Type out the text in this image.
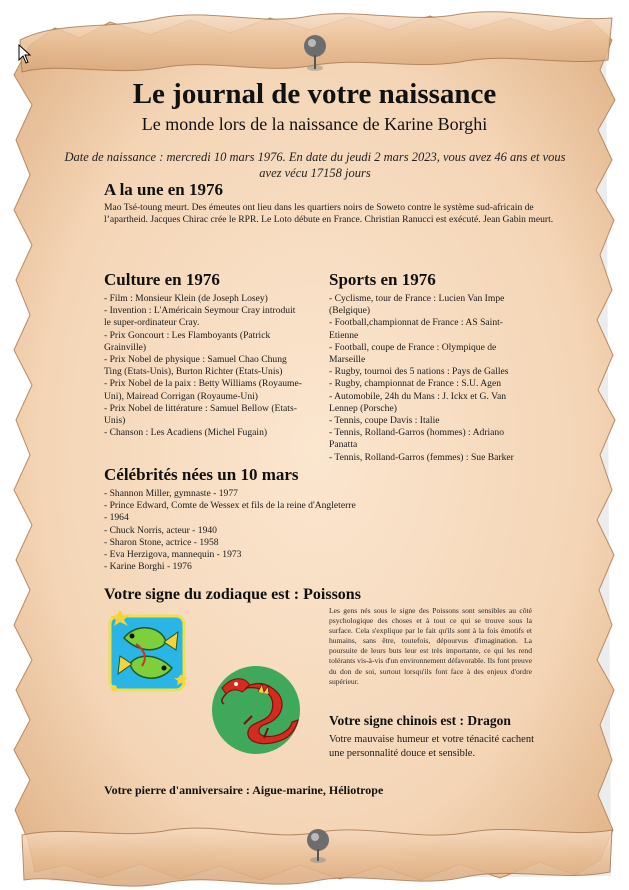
Le journal de votre naissance
Le monde lors de la naissance de Karine Borghi
Date de naissance : mercredi 10 mars 1976. En date du jeudi 2 mars 2023, vous avez 46 ans et vous avez vécu 17158 jours
A la une en 1976
Mao Tsé-toung meurt. Des émeutes ont lieu dans les quartiers noirs de Soweto contre le système sud-africain de l’apartheid. Jacques Chirac crée le RPR. Le Loto débute en France. Christian Ranucci est exécuté. Jean Gabin meurt.
Culture en 1976
- Film : Monsieur Klein (de Joseph Losey)
- Invention : L'Américain Seymour Cray introduit le super-ordinateur Cray.
- Prix Goncourt : Les Flamboyants (Patrick Grainville)
- Prix Nobel de physique : Samuel Chao Chung Ting (Etats-Unis), Burton Richter (Etats-Unis)
- Prix Nobel de la paix : Betty Williams (Royaume-Uni), Mairead Corrigan (Royaume-Uni)
- Prix Nobel de littérature : Samuel Bellow (Etats-Unis)
- Chanson : Les Acadiens (Michel Fugain)
Sports en 1976
- Cyclisme, tour de France : Lucien Van Impe (Belgique)
- Football,championnat de France : AS Saint-Etienne
- Football, coupe de France : Olympique de Marseille
- Rugby, tournoi des 5 nations : Pays de Galles
- Rugby, championnat de France : S.U. Agen
- Automobile, 24h du Mans : J. Ickx et G. Van Lennep (Porsche)
- Tennis, coupe Davis : Italie
- Tennis, Rolland-Garros (hommes) : Adriano Panatta
- Tennis, Rolland-Garros (femmes) : Sue Barker
Célébrités nées un 10 mars
- Shannon Miller, gymnaste - 1977
- Prince Edward, Comte de Wessex et fils de la reine d'Angleterre
- 1964
- Chuck Norris, acteur - 1940
- Sharon Stone, actrice - 1958
- Eva Herzigova, mannequin - 1973
- Karine Borghi - 1976
Votre signe du zodiaque est : Poissons
Les gens nés sous le signe des Poissons sont sensibles au côté psychologique des choses et à tout ce qui se trouve sous la surface. Cela s'explique par le fait qu'ils sont à la fois émotifs et humains, sans être, toutefois, dépourvus d'imagination. La poursuite de leurs buts leur est très importante, ce qui les rend tolérants vis-à-vis d'un environnement défavorable. Ils font preuve du don de soi, surtout lorsqu'ils font face à des enjeux d'ordre supérieur.
Votre signe chinois est : Dragon
Votre mauvaise humeur et votre ténacité cachent une personnalité douce et sensible.
Votre pierre d'anniversaire : Aigue-marine, Héliotrope
